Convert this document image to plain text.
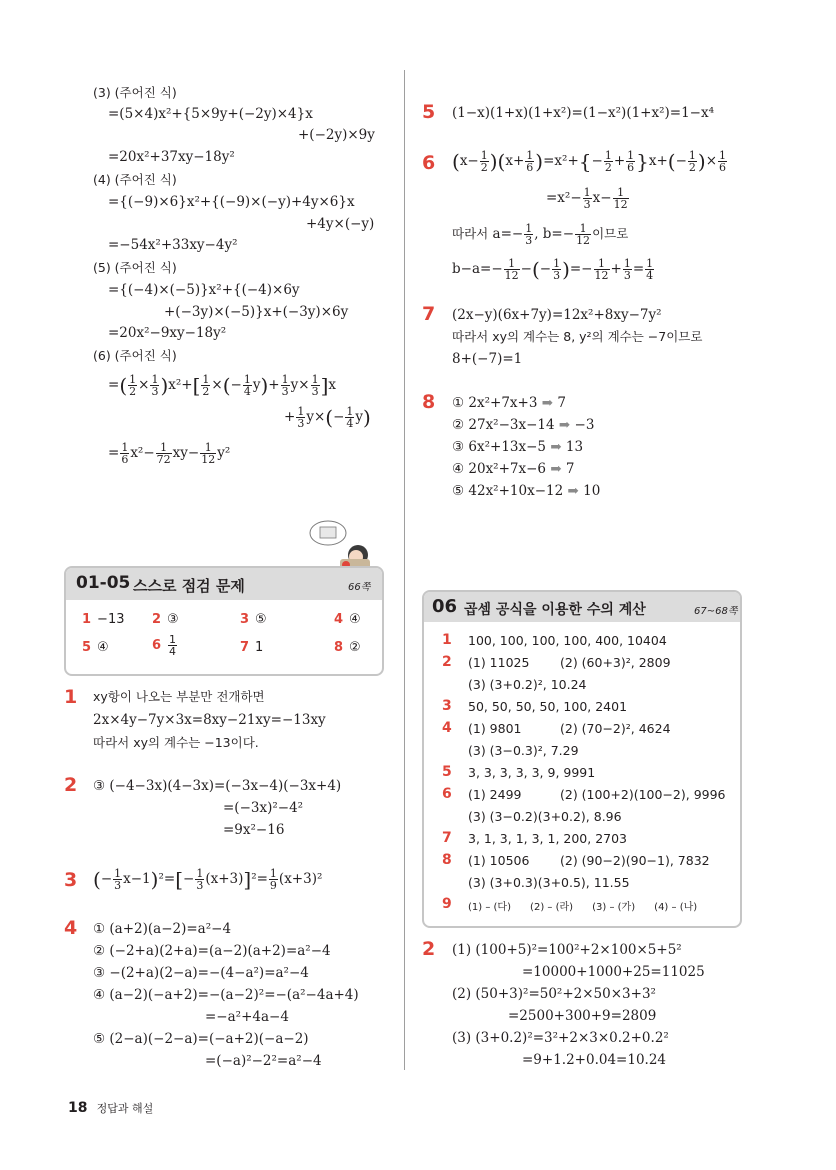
(3) (주어진 식)
=(5×4)x²+{5×9y+(−2y)×4}x
+(−2y)×9y
=20x²+37xy−18y²
(4) (주어진 식)
={(−9)×6}x²+{(−9)×(−y)+4y×6}x
+4y×(−y)
=−54x²+33xy−4y²
(5) (주어진 식)
={(−4)×(−5)}x²+{(−4)×6y
+(−3y)×(−5)}x+(−3y)×6y
=20x²−9xy−18y²
(6) (주어진 식)
=( $\frac{1}{2} \times \frac{1}{3} )x^2+[ \frac{1}{2}$ ×(− $\frac{1}{4} y)+ \frac{1}{3} y\times \frac{1}{3} ]x$
+ $\frac{1}{3} y\times(- \frac{1}{4} y)$
= $\frac{1}{6} x^2- \frac{1}{72} xy- \frac{1}{12} y^2$
01-05 스스로 점검 문제	66쪽
1 −13 2 ③	3 ⑤	4 ④
5 ④	$6 \frac{1}{4}$	7 1	8 ②
1 xy항이 나오는 부분만 전개하면
2x×4y−7y×3x=8xy−21xy=−13xy
따라서 xy의 계수는 −13이다.
2 ③ (−4−3x)(4−3x)=(−3x−4)(−3x+4)
=(−3x)²−4²
=9x²−16
3 (− $\frac{1}{3} x-1)^2=[- \frac{1}{3} (x+3)]^2= \frac{1}{9} (x+3)^2$
4 ① (a+2)(a−2)=a²−4
② (−2+a)(2+a)=(a−2)(a+2)=a²−4
③ −(2+a)(2−a)=−(4−a²)=a²−4
④ (a−2)(−a+2)=−(a−2)²=−(a²−4a+4)
=−a²+4a−4
⑤ (2−a)(−2−a)=(−a+2)(−a−2)
=(−a)²−2²=a²−4
5 (1−x)(1+x)(1+x²)=(1−x²)(1+x²)=1−x⁴
6 $(x- \frac{1}{2} )(x+ \frac{1}{6} )=x^2+\{- \frac{1}{2} + \frac{1}{6} \}x+(- \frac{1}{2}$ )× $\frac{1}{6}$
$=x^2- \frac{1}{3} x- \frac{1}{12}$
따라서 $a=- \frac{1}{3}$ , $b=- \frac{1}{12}$ 이므로
$b-a=- \frac{1}{12}$ −(− $\frac{1}{3}$ )=− $\frac{1}{12} + \frac{1}{3} = \frac{1}{4}$
7 (2x−y)(6x+7y)=12x²+8xy−7y²
따라서 xy의 계수는 8, y²의 계수는 −7이므로
8+(−7)=1
8 ① 2x²+7x+3 ➡ 7
② 27x²−3x−14 ➡ −3
③ 6x²+13x−5 ➡ 13
④ 20x²+7x−6 ➡ 7
⑤ 42x²+10x−12 ➡ 10
06 곱셈 공식을 이용한 수의 계산	67~68쪽
1 100, 100, 100, 100, 400, 10404
2 (1) 11025 (2) (60+3)², 2809
(3) (3+0.2)², 10.24
3 50, 50, 50, 50, 100, 2401
4 (1) 9801	(2) (70−2)², 4624
(3) (3−0.3)², 7.29
5 3, 3, 3, 3, 3, 9, 9991
6 (1) 2499	(2) (100+2)(100−2), 9996
(3) (3−0.2)(3+0.2), 8.96
7 3, 1, 3, 1, 3, 1, 200, 2703
8 (1) 10506 (2) (90−2)(90−1), 7832
(3) (3+0.3)(3+0.5), 11.55
9 (1) – (다)      (2) – (라)      (3) – (가)      (4) – (나)
2 (1) (100+5)²=100²+2×100×5+5²
=10000+1000+25=11025
(2) (50+3)²=50²+2×50×3+3²
=2500+300+9=2809
(3) (3+0.2)²=3²+2×3×0.2+0.2²
=9+1.2+0.04=10.24
18 정답과 해설
